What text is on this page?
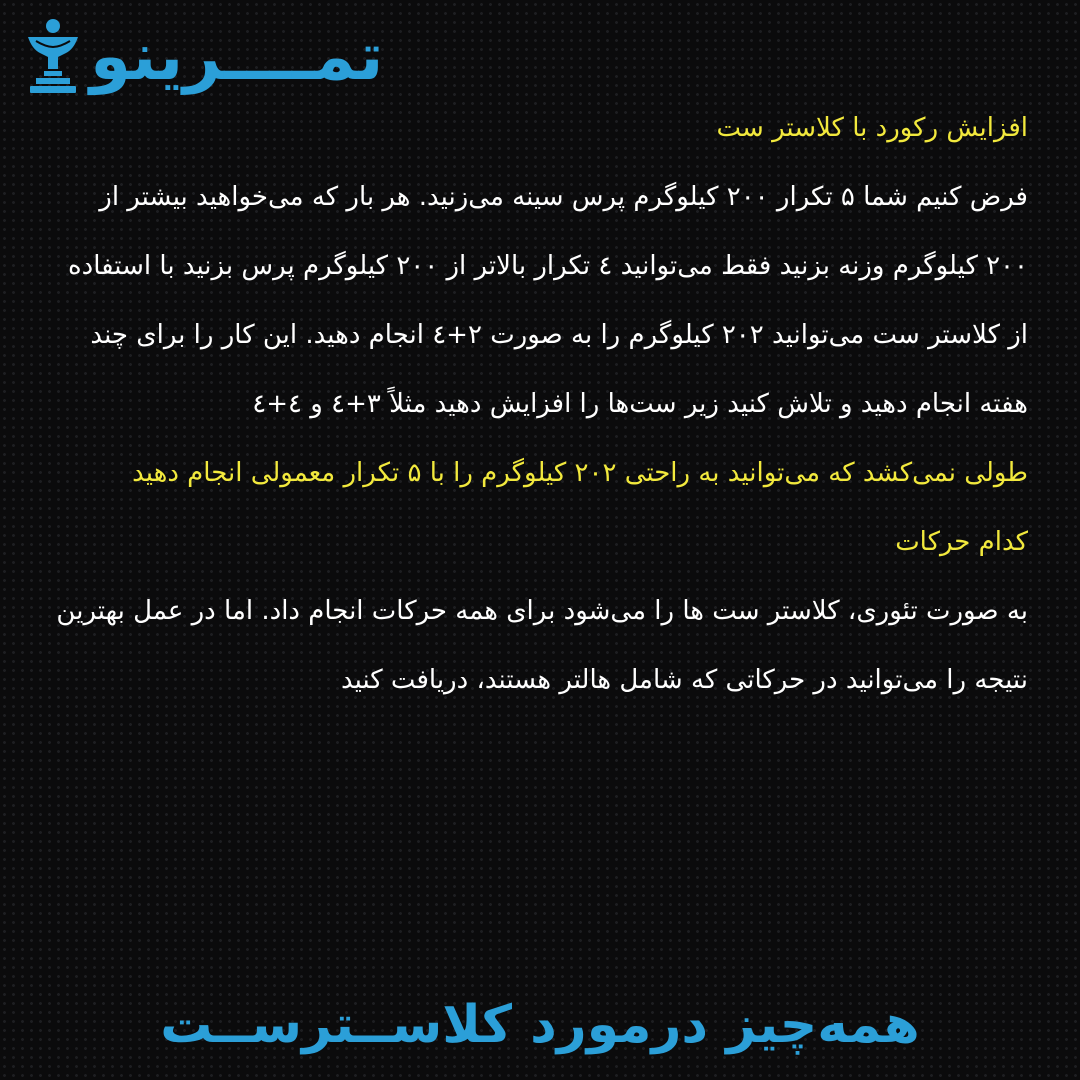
تمــــرینو

افزایش رکورد با کلاستر ست

فرض کنیم شما ۵ تکرار ۲۰۰ کیلوگرم پرس سینه می‌زنید. هر بار که می‌خواهید بیشتر از ۲۰۰ کیلوگرم وزنه بزنید فقط می‌توانید ٤ تکرار بالاتر از ۲۰۰ کیلوگرم پرس بزنید با استفاده از کلاستر ست می‌توانید ۲۰۲ کیلوگرم را به صورت ۲+٤ انجام دهید. این کار را برای چند هفته انجام دهید و تلاش کنید زیر ست‌ها را افزایش دهید مثلاً ۳+٤ و ٤+٤

طولی نمی‌کشد که می‌توانید به راحتی ۲۰۲ کیلوگرم را با ۵ تکرار معمولی انجام دهید

کدام حرکات

به صورت تئوری، کلاستر ست ها را می‌شود برای همه حرکات انجام داد. اما در عمل بهترین نتیجه را می‌توانید در حرکاتی که شامل هالتر هستند، دریافت کنید

همه‌چیز درمورد کلاســترســت
